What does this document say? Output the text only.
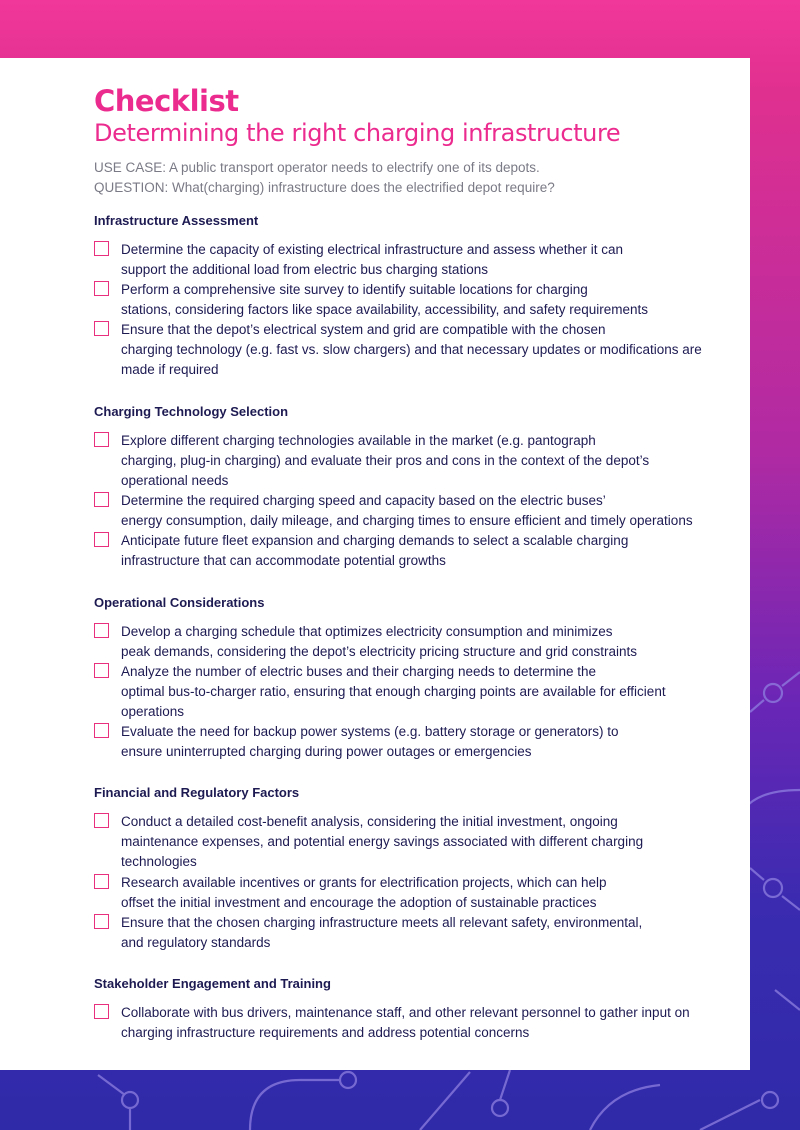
Checklist
Determining the right charging infrastructure
USE CASE: A public transport operator needs to electrify one of its depots.
QUESTION: What(charging) infrastructure does the electrified depot require?
Infrastructure Assessment
Determine the capacity of existing electrical infrastructure and assess whether it can
support the additional load from electric bus charging stations
Perform a comprehensive site survey to identify suitable locations for charging
stations, considering factors like space availability, accessibility, and safety requirements
Ensure that the depot’s electrical system and grid are compatible with the chosen
charging technology (e.g. fast vs. slow chargers) and that necessary updates or modifications are
made if required
Charging Technology Selection
Explore different charging technologies available in the market (e.g. pantograph
charging, plug-in charging) and evaluate their pros and cons in the context of the depot’s
operational needs
Determine the required charging speed and capacity based on the electric buses’
energy consumption, daily mileage, and charging times to ensure efficient and timely operations
Anticipate future fleet expansion and charging demands to select a scalable charging
infrastructure that can accommodate potential growths
Operational Considerations
Develop a charging schedule that optimizes electricity consumption and minimizes
peak demands, considering the depot’s electricity pricing structure and grid constraints
Analyze the number of electric buses and their charging needs to determine the
optimal bus-to-charger ratio, ensuring that enough charging points are available for efficient
operations
Evaluate the need for backup power systems (e.g. battery storage or generators) to
ensure uninterrupted charging during power outages or emergencies
Financial and Regulatory Factors
Conduct a detailed cost-benefit analysis, considering the initial investment, ongoing
maintenance expenses, and potential energy savings associated with different charging
technologies
Research available incentives or grants for electrification projects, which can help
offset the initial investment and encourage the adoption of sustainable practices
Ensure that the chosen charging infrastructure meets all relevant safety, environmental,
and regulatory standards
Stakeholder Engagement and Training
Collaborate with bus drivers, maintenance staff, and other relevant personnel to gather input on
charging infrastructure requirements and address potential concerns
